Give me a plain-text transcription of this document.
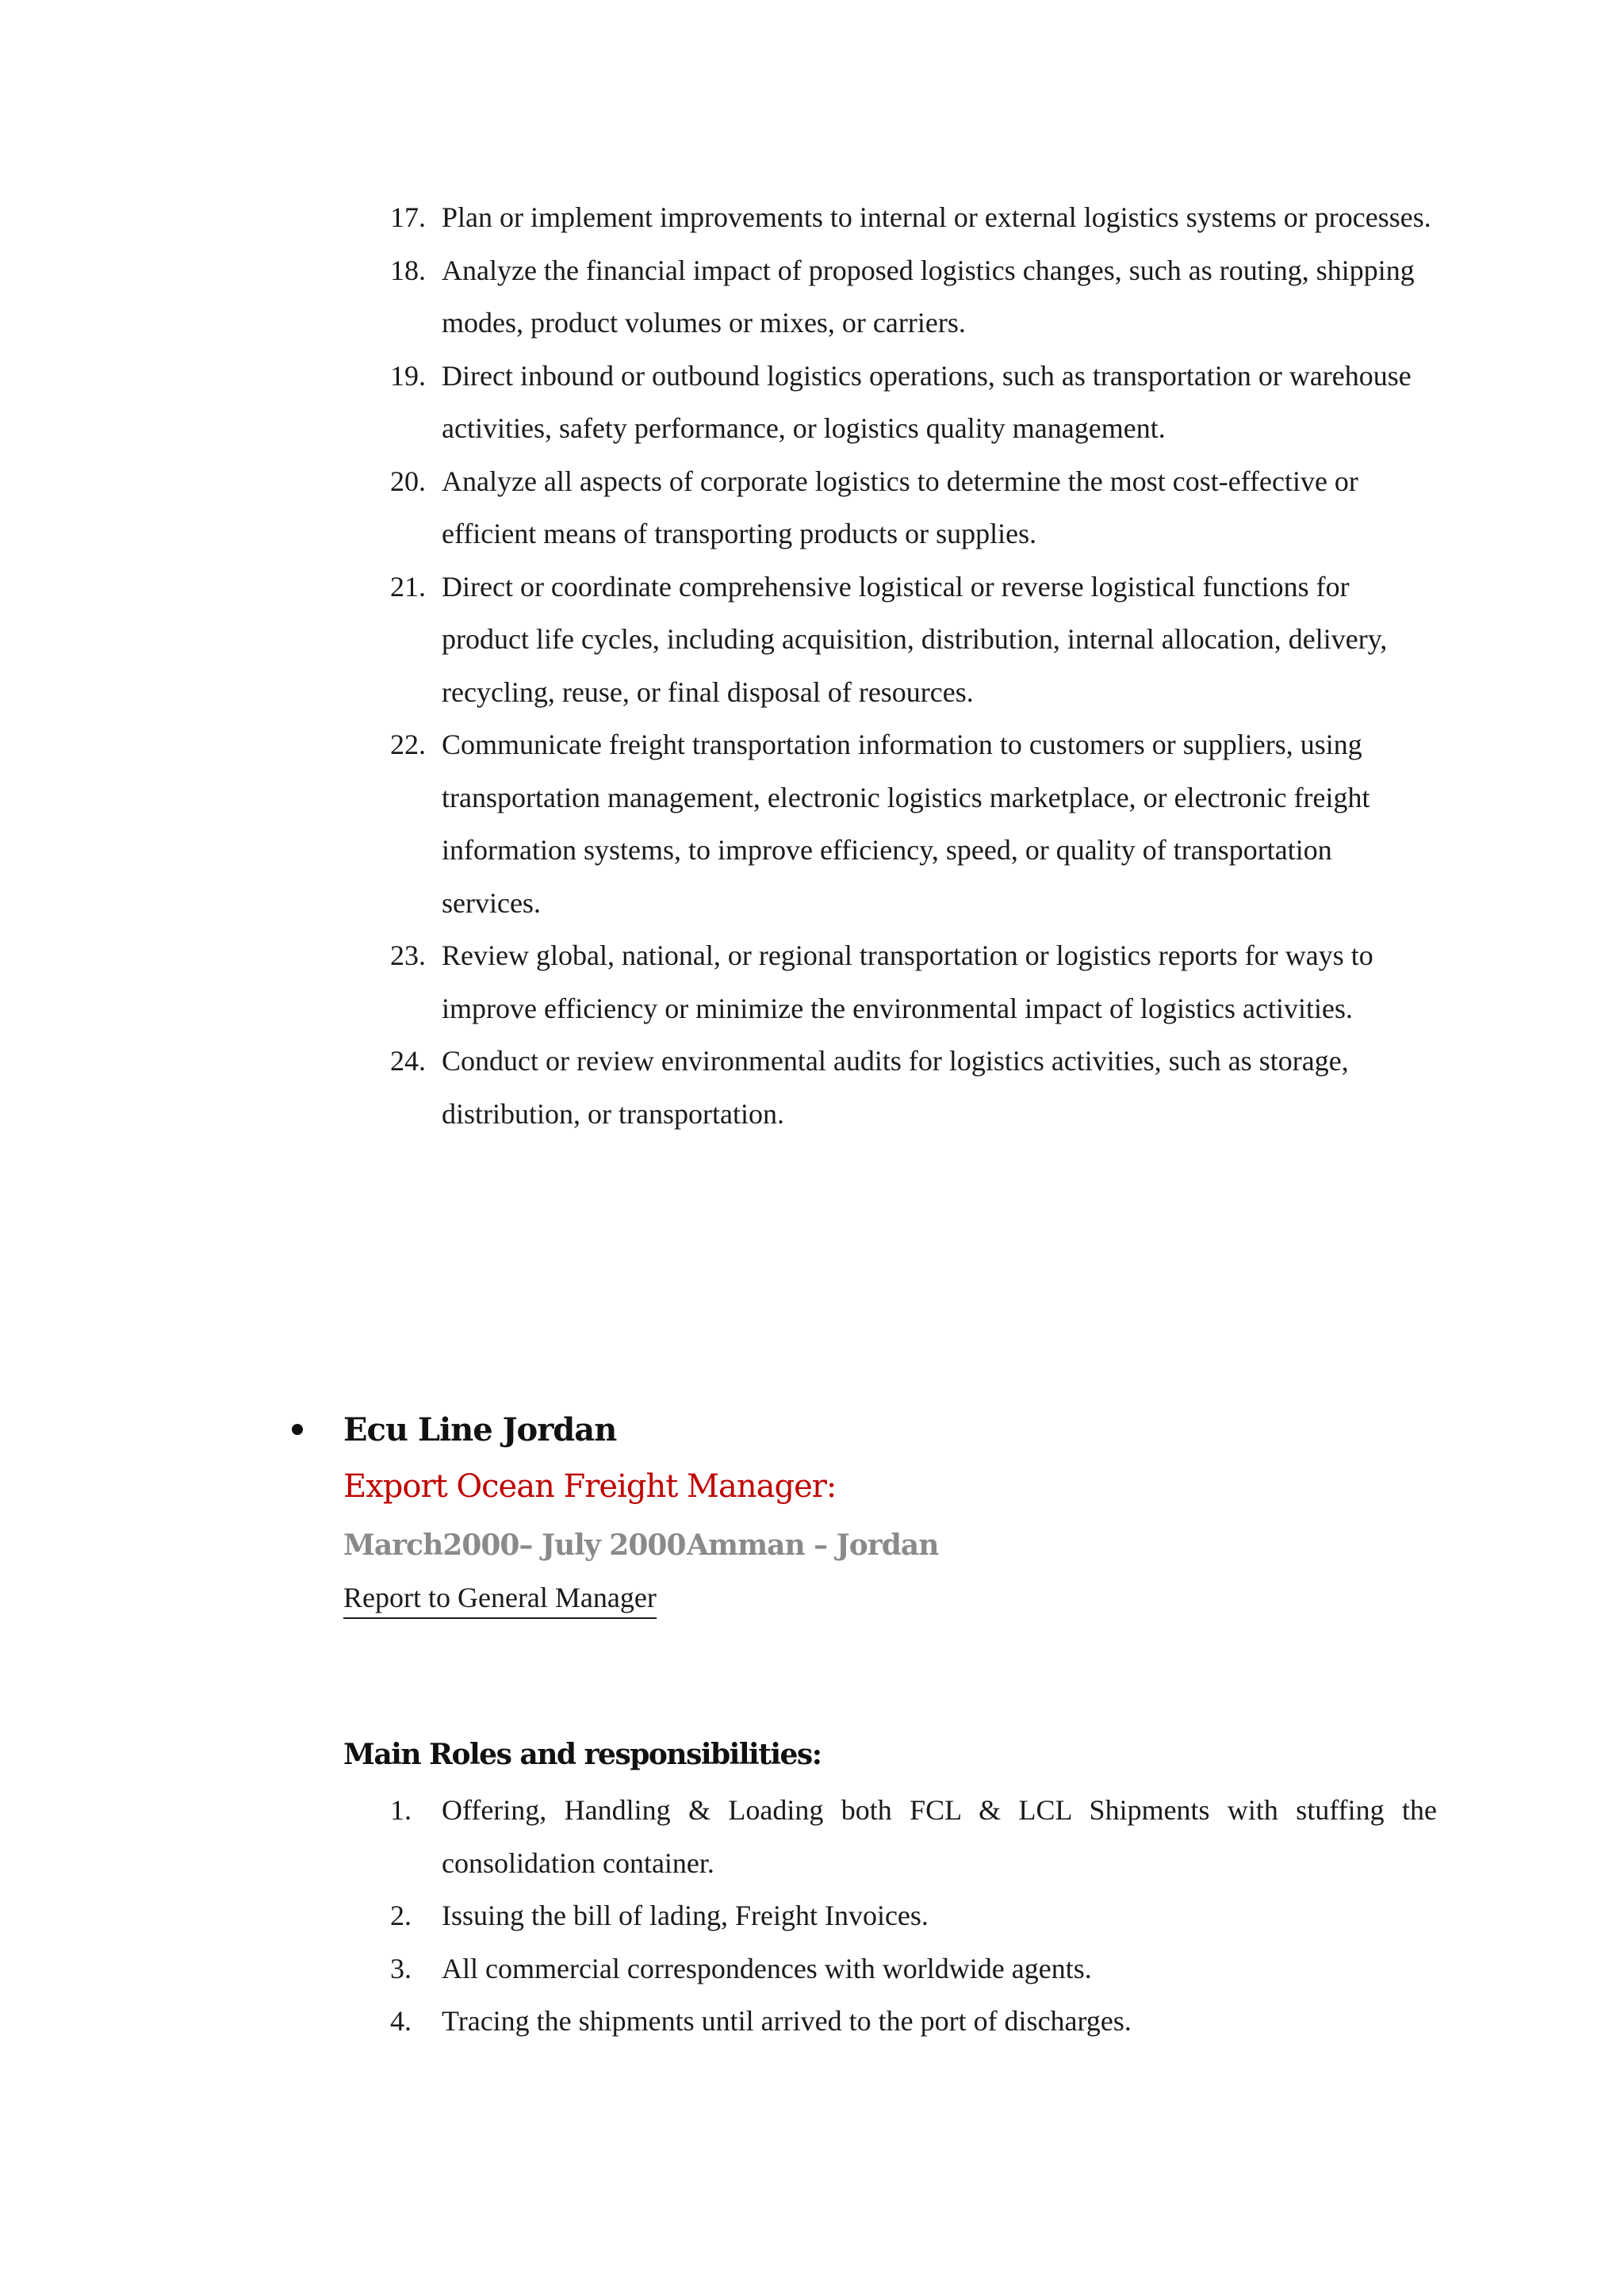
17. Plan or implement improvements to internal or external logistics systems or processes.
18. Analyze the financial impact of proposed logistics changes, such as routing, shipping modes, product volumes or mixes, or carriers.
19. Direct inbound or outbound logistics operations, such as transportation or warehouse activities, safety performance, or logistics quality management.
20. Analyze all aspects of corporate logistics to determine the most cost-effective or efficient means of transporting products or supplies.
21. Direct or coordinate comprehensive logistical or reverse logistical functions for product life cycles, including acquisition, distribution, internal allocation, delivery, recycling, reuse, or final disposal of resources.
22. Communicate freight transportation information to customers or suppliers, using transportation management, electronic logistics marketplace, or electronic freight information systems, to improve efficiency, speed, or quality of transportation services.
23. Review global, national, or regional transportation or logistics reports for ways to improve efficiency or minimize the environmental impact of logistics activities.
24. Conduct or review environmental audits for logistics activities, such as storage, distribution, or transportation.
Ecu Line Jordan
Export Ocean Freight Manager:
March2000– July 2000 Amman – Jordan
Report to General Manager
Main Roles and responsibilities:
1.	Offering, Handling & Loading both FCL & LCL Shipments with stuffing the consolidation container.
2.	Issuing the bill of lading, Freight Invoices.
3.	All commercial correspondences with worldwide agents.
4.	Tracing the shipments until arrived to the port of discharges.
